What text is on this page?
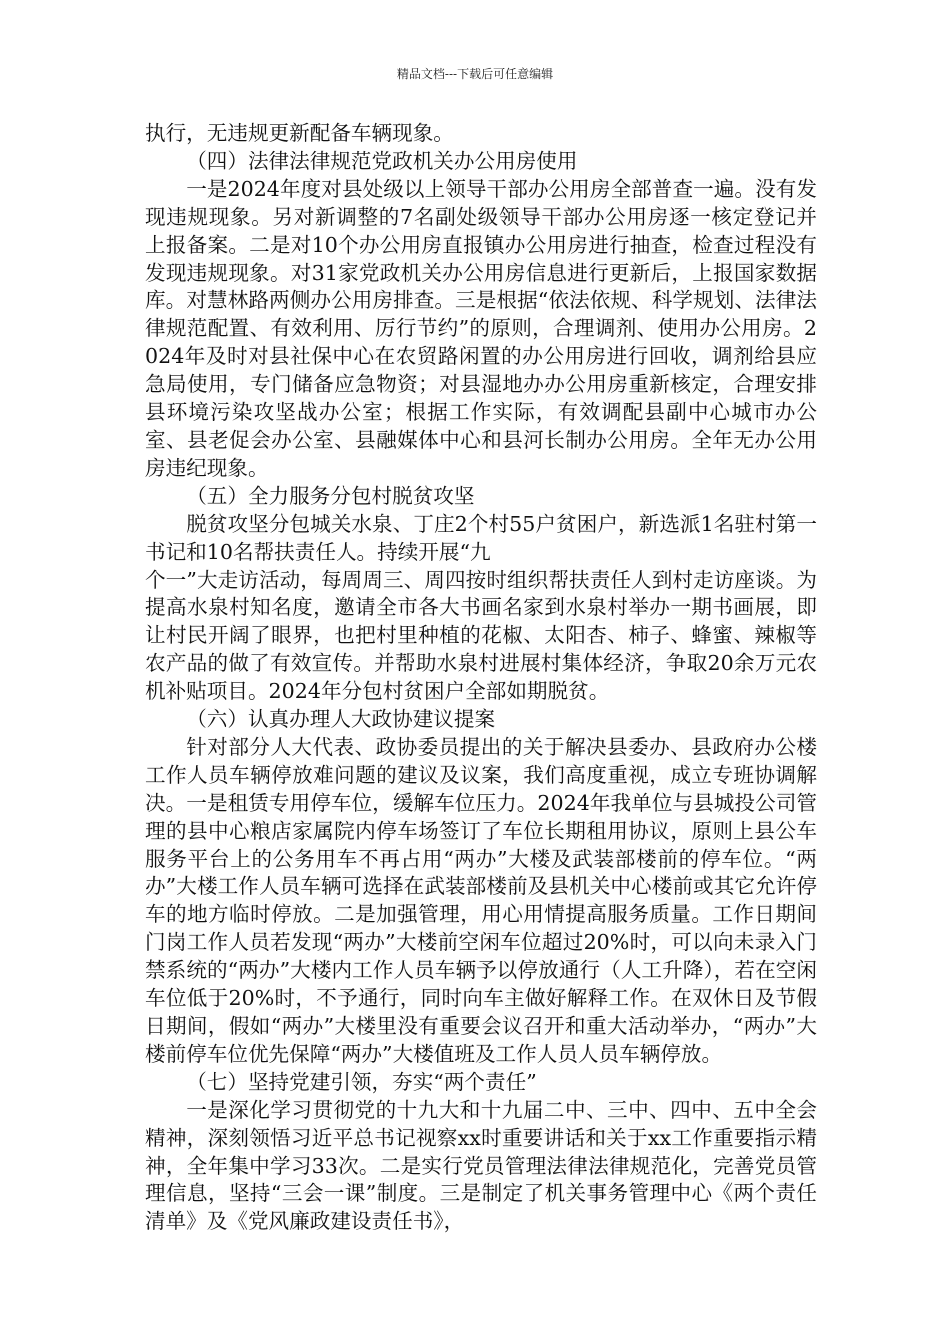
精品文档---下载后可任意编辑

执行，无违规更新配备车辆现象。

（四）法律法律规范党政机关办公用房使用

一是2024年度对县处级以上领导干部办公用房全部普查一遍。没有发现违规现象。另对新调整的7名副处级领导干部办公用房逐一核定登记并上报备案。二是对10个办公用房直报镇办公用房进行抽查，检查过程没有发现违规现象。对31家党政机关办公用房信息进行更新后，上报国家数据库。对慧林路两侧办公用房排查。三是根据“依法依规、科学规划、法律法律规范配置、有效利用、厉行节约”的原则，合理调剂、使用办公用房。2024年及时对县社保中心在农贸路闲置的办公用房进行回收，调剂给县应急局使用，专门储备应急物资；对县湿地办办公用房重新核定，合理安排县环境污染攻坚战办公室；根据工作实际，有效调配县副中心城市办公室、县老促会办公室、县融媒体中心和县河长制办公用房。全年无办公用房违纪现象。

（五）全力服务分包村脱贫攻坚

脱贫攻坚分包城关水泉、丁庄2个村55户贫困户，新选派1名驻村第一书记和10名帮扶责任人。持续开展“九

个一”大走访活动，每周周三、周四按时组织帮扶责任人到村走访座谈。为提高水泉村知名度，邀请全市各大书画名家到水泉村举办一期书画展，即让村民开阔了眼界，也把村里种植的花椒、太阳杏、柿子、蜂蜜、辣椒等农产品的做了有效宣传。并帮助水泉村进展村集体经济，争取20余万元农机补贴项目。2024年分包村贫困户全部如期脱贫。

（六）认真办理人大政协建议提案

针对部分人大代表、政协委员提出的关于解决县委办、县政府办公楼工作人员车辆停放难问题的建议及议案，我们高度重视，成立专班协调解决。一是租赁专用停车位，缓解车位压力。2024年我单位与县城投公司管理的县中心粮店家属院内停车场签订了车位长期租用协议，原则上县公车服务平台上的公务用车不再占用“两办”大楼及武装部楼前的停车位。“两办”大楼工作人员车辆可选择在武装部楼前及县机关中心楼前或其它允许停车的地方临时停放。二是加强管理，用心用情提高服务质量。工作日期间门岗工作人员若发现“两办”大楼前空闲车位超过20%时，可以向未录入门禁系统的“两办”大楼内工作人员车辆予以停放通行（人工升降），若在空闲车位低于20%时，不予通行，同时向车主做好解释工作。在双休日及节假日期间，假如“两办”大楼里没有重要会议召开和重大活动举办，“两办”大楼前停车位优先保障“两办”大楼值班及工作人员人员车辆停放。

（七）坚持党建引领，夯实“两个责任”

一是深化学习贯彻党的十九大和十九届二中、三中、四中、五中全会精神，深刻领悟习近平总书记视察xx时重要讲话和关于xx工作重要指示精神，全年集中学习33次。二是实行党员管理法律法律规范化，完善党员管理信息，坚持“三会一课”制度。三是制定了机关事务管理中心《两个责任清单》及《党风廉政建设责任书》，
